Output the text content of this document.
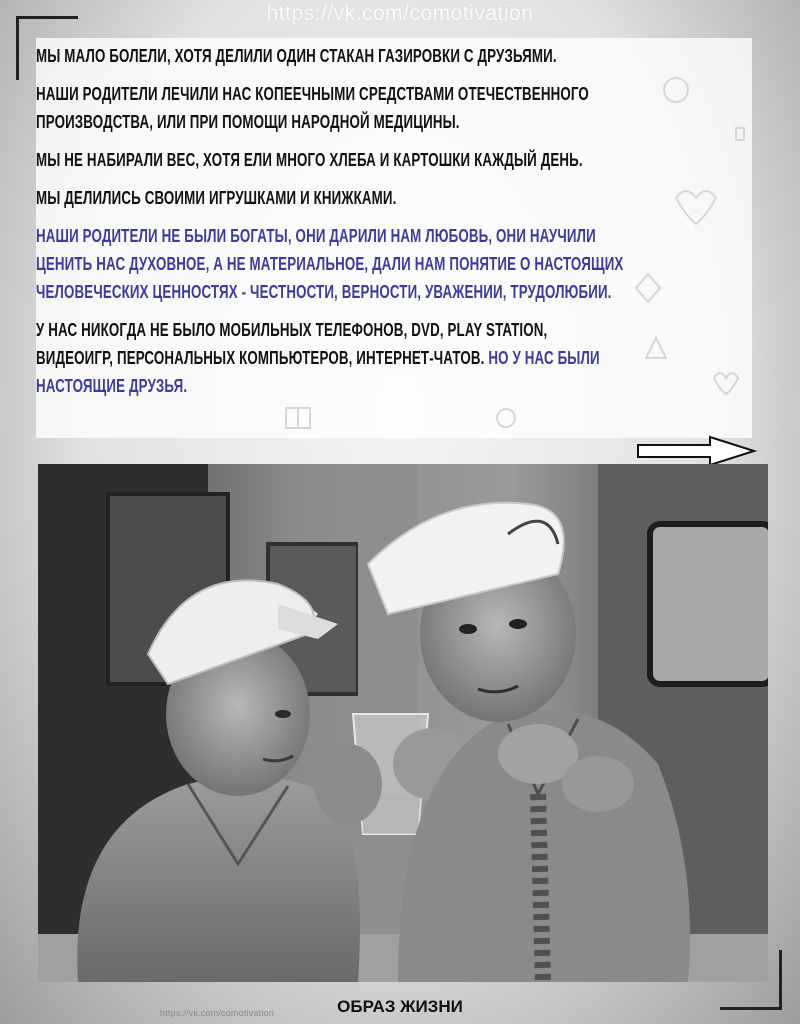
https://vk.com/comotivation

МЫ МАЛО БОЛЕЛИ, ХОТЯ ДЕЛИЛИ ОДИН СТАКАН ГАЗИРОВКИ С ДРУЗЬЯМИ.

НАШИ РОДИТЕЛИ ЛЕЧИЛИ НАС КОПЕЕЧНЫМИ СРЕДСТВАМИ ОТЕЧЕСТВЕННОГО
ПРОИЗВОДСТВА, ИЛИ ПРИ ПОМОЩИ НАРОДНОЙ МЕДИЦИНЫ.

МЫ НЕ НАБИРАЛИ ВЕС, ХОТЯ ЕЛИ МНОГО ХЛЕБА И КАРТОШКИ КАЖДЫЙ ДЕНЬ.

МЫ ДЕЛИЛИСЬ СВОИМИ ИГРУШКАМИ И КНИЖКАМИ.

НАШИ РОДИТЕЛИ НЕ БЫЛИ БОГАТЫ, ОНИ ДАРИЛИ НАМ ЛЮБОВЬ, ОНИ НАУЧИЛИ
ЦЕНИТЬ НАС ДУХОВНОЕ, А НЕ МАТЕРИАЛЬНОЕ, ДАЛИ НАМ ПОНЯТИЕ О НАСТОЯЩИХ
ЧЕЛОВЕЧЕСКИХ ЦЕННОСТЯХ - ЧЕСТНОСТИ, ВЕРНОСТИ, УВАЖЕНИИ, ТРУДОЛЮБИИ.

У НАС НИКОГДА НЕ БЫЛО МОБИЛЬНЫХ ТЕЛЕФОНОВ, DVD, PLAY STATION,
ВИДЕОИГР, ПЕРСОНАЛЬНЫХ КОМПЬЮТЕРОВ, ИНТЕРНЕТ-ЧАТОВ. НО У НАС БЫЛИ
НАСТОЯЩИЕ ДРУЗЬЯ.

ОБРАЗ ЖИЗНИ
https://vk.com/comotivation
